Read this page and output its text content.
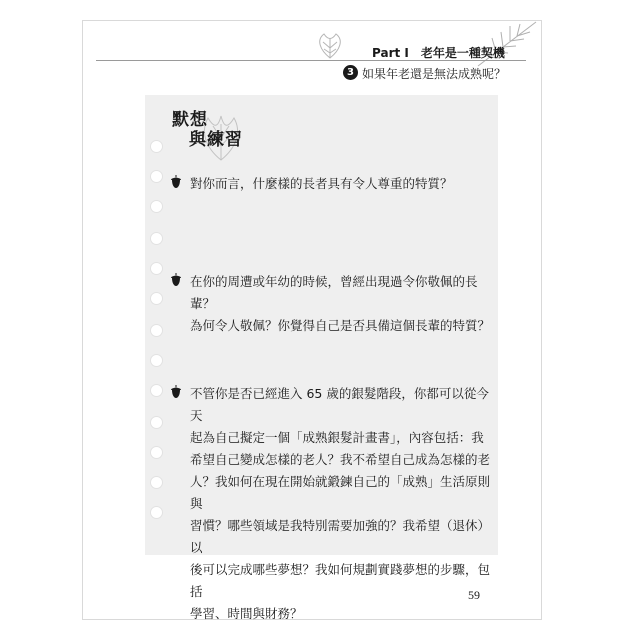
Part I　老年是一種契機
3 如果年老還是無法成熟呢？
默想
與練習
對你而言，什麼樣的長者具有令人尊重的特質？
在你的周遭或年幼的時候，曾經出現過令你敬佩的長輩？
為何令人敬佩？你覺得自己是否具備這個長輩的特質？
不管你是否已經進入 65 歲的銀髮階段，你都可以從今天
起為自己擬定一個「成熟銀髮計畫書」，內容包括：我
希望自己變成怎樣的老人？我不希望自己成為怎樣的老
人？我如何在現在開始就鍛鍊自己的「成熟」生活原則與
習慣？哪些領域是我特別需要加強的？我希望（退休）以
後可以完成哪些夢想？我如何規劃實踐夢想的步驟，包括
學習、時間與財務？
59
